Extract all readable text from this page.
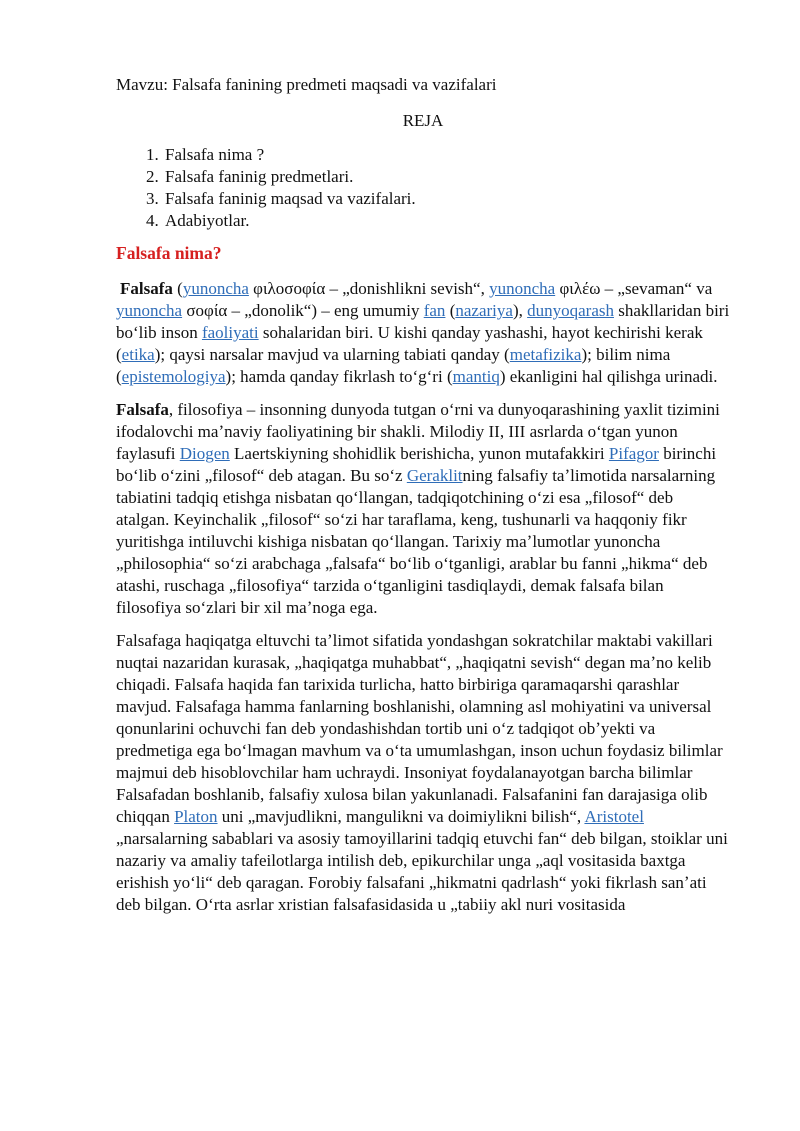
Mavzu: Falsafa fanining predmeti maqsadi va vazifalari
REJA
1. Falsafa nima ?
2. Falsafa faninig predmetlari.
3. Falsafa faninig maqsad va vazifalari.
4. Adabiyotlar.
Falsafa nima?

Falsafa (yunoncha φιλοσοφία – „donishlikni sevish“, yunoncha φιλέω – „sevaman“ va yunoncha σοφία – „donolik“) – eng umumiy fan (nazariya), dunyoqarash shakllaridan biri boʻlib inson faoliyati sohalaridan biri. U kishi qanday yashashi, hayot kechirishi kerak (etika); qaysi narsalar mavjud va ularning tabiati qanday (metafizika); bilim nima (epistemologiya); hamda qanday fikrlash toʻgʻri (mantiq) ekanligini hal qilishga urinadi.

Falsafa, filosofiya – insonning dunyoda tutgan oʻrni va dunyoqarashining yaxlit tizimini ifodalovchi maʼnaviy faoliyatining bir shakli. Milodiy II, III asrlarda oʻtgan yunon faylasufi Diogen Laertskiyning shohidlik berishicha, yunon mutafakkiri Pifagor birinchi boʻlib oʻzini „filosof“ deb atagan. Bu soʻz Geraklitning falsafiy taʼlimotida narsalarning tabiatini tadqiq etishga nisbatan qoʻllangan, tadqiqotchining oʻzi esa „filosof“ deb atalgan. Keyinchalik „filosof“ soʻzi har taraflama, keng, tushunarli va haqqoniy fikr yuritishga intiluvchi kishiga nisbatan qoʻllangan. Tarixiy maʼlumotlar yunoncha „philosophia“ soʻzi arabchaga „falsafa“ boʻlib oʻtganligi, arablar bu fanni „hikma“ deb atashi, ruschaga „filosofiya“ tarzida oʻtganligini tasdiqlaydi, demak falsafa bilan filosofiya soʻzlari bir xil maʼnoga ega.

Falsafaga haqiqatga eltuvchi taʼlimot sifatida yondashgan sokratchilar maktabi vakillari nuqtai nazaridan kurasak, „haqiqatga muhabbat“, „haqiqatni sevish“ degan maʼno kelib chiqadi. Falsafa haqida fan tarixida turlicha, hatto birbiriga qaramaqarshi qarashlar mavjud. Falsafaga hamma fanlarning boshlanishi, olamning asl mohiyatini va universal qonunlarini ochuvchi fan deb yondashishdan tortib uni oʻz tadqiqot obʼyekti va predmetiga ega boʻlmagan mavhum va oʻta umumlashgan, inson uchun foydasiz bilimlar majmui deb hisoblovchilar ham uchraydi. Insoniyat foydalanayotgan barcha bilimlar Falsafadan boshlanib, falsafiy xulosa bilan yakunlanadi. Falsafanini fan darajasiga olib chiqqan Platon uni „mavjudlikni, mangulikni va doimiylikni bilish“, Aristotel „narsalarning sabablari va asosiy tamoyillarini tadqiq etuvchi fan“ deb bilgan, stoiklar uni nazariy va amaliy tafeilotlarga intilish deb, epikurchilar unga „aql vositasida baxtga erishish yoʻli“ deb qaragan. Forobiy falsafani „hikmatni qadrlash“ yoki fikrlash sanʼati deb bilgan. Oʻrta asrlar xristian falsafasidasida u „tabiiy akl nuri vositasida
